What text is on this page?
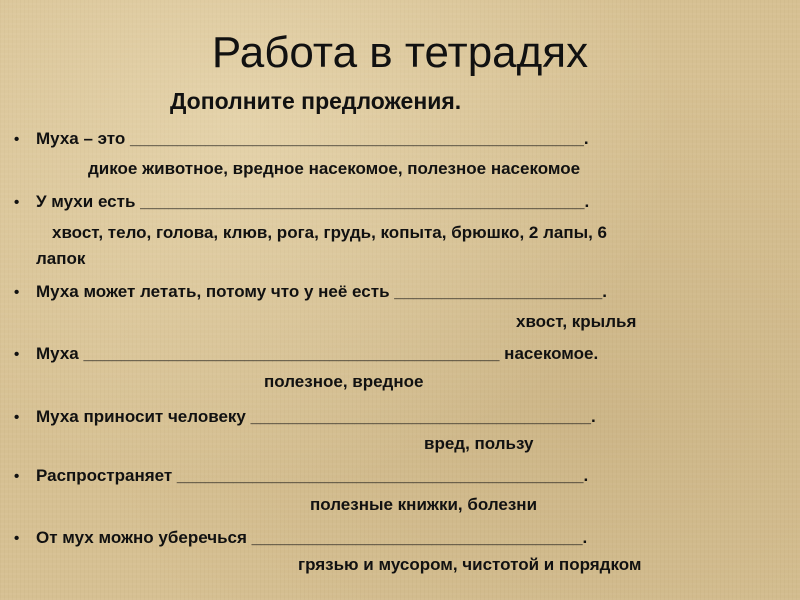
Работа в тетрадях
Дополните предложения.
• Муха – это ________________________________________________.
дикое животное, вредное насекомое, полезное насекомое
• У мухи есть _______________________________________________.
хвост, тело, голова, клюв, рога, грудь, копыта, брюшко, 2 лапы, 6
лапок
• Муха может летать, потому что у неё есть ______________________.
хвост, крылья
• Муха ____________________________________________ насекомое.
полезное, вредное
• Муха приносит человеку ____________________________________.
вред, пользу
• Распространяет ___________________________________________.
полезные книжки, болезни
• От мух можно уберечься ___________________________________.
грязью и мусором, чистотой и порядком
